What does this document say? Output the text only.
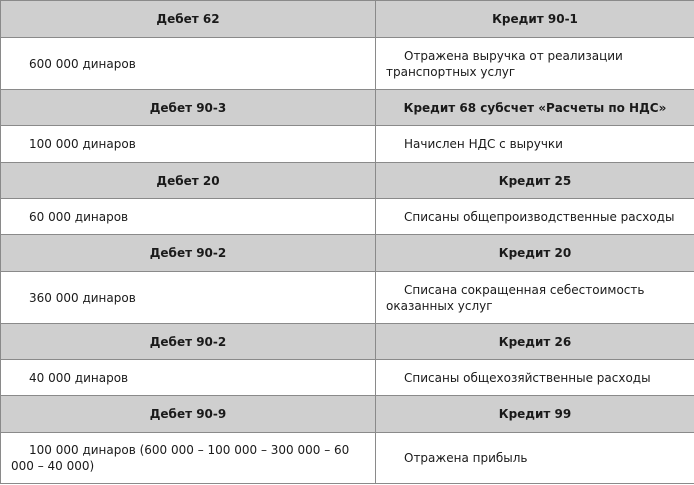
Дебет 62	Кредит 90-1
600 000 динаров	Отражена выручка от реализации транспортных услуг
Дебет 90-3	Кредит 68 субсчет «Расчеты по НДС»
100 000 динаров	Начислен НДС с выручки
Дебет 20	Кредит 25
60 000 динаров	Списаны общепроизводственные расходы
Дебет 90-2	Кредит 20
360 000 динаров	Списана сокращенная себестоимость оказанных услуг
Дебет 90-2	Кредит 26
40 000 динаров	Списаны общехозяйственные расходы
Дебет 90-9	Кредит 99
100 000 динаров (600 000 – 100 000 – 300 000 – 60 000 – 40 000)	Отражена прибыль
